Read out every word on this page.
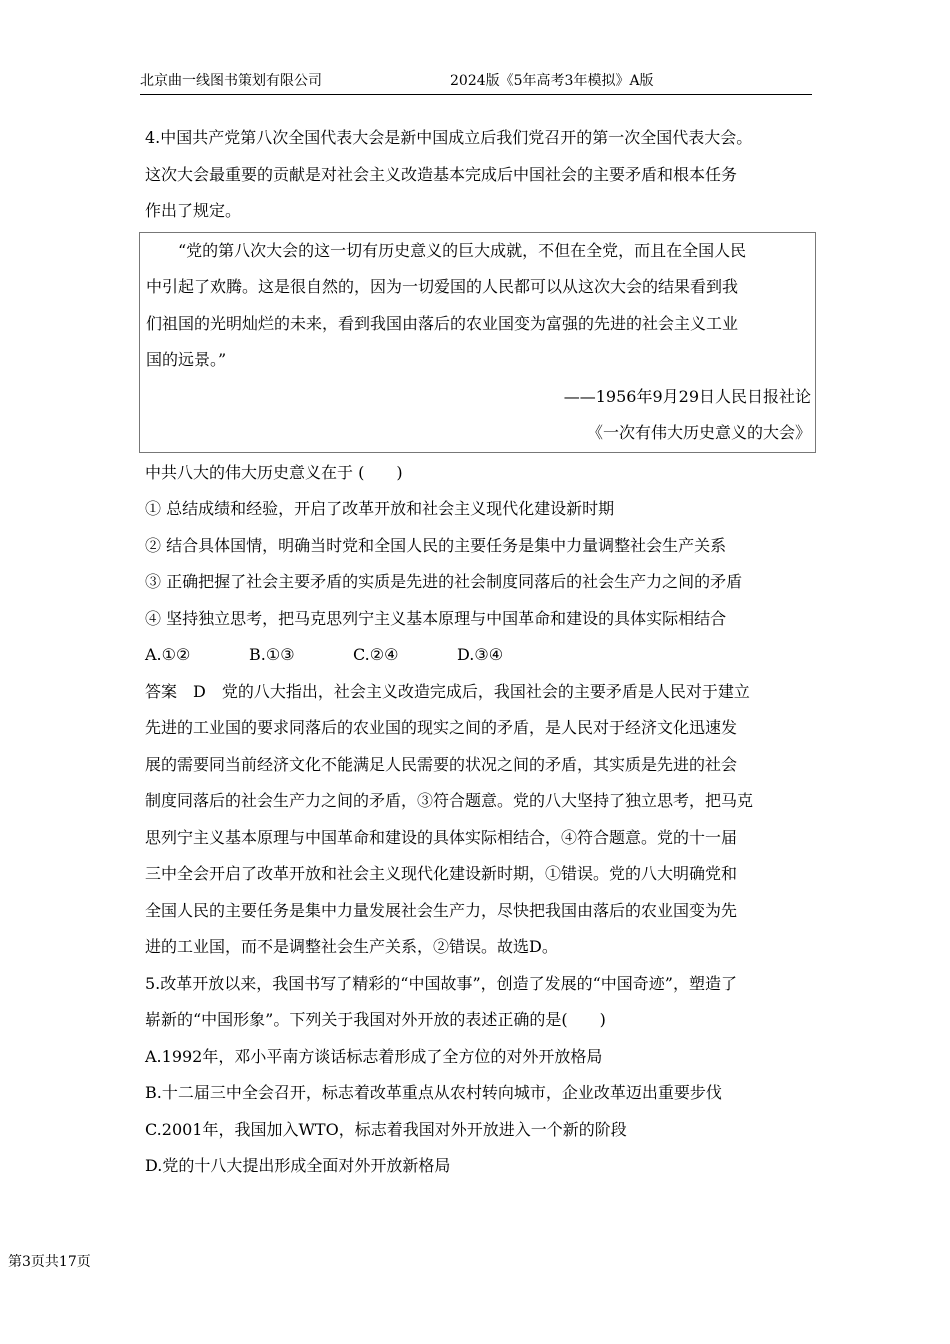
北京曲一线图书策划有限公司	2024版《5年高考3年模拟》A版

4.中国共产党第八次全国代表大会是新中国成立后我们党召开的第一次全国代表大会。

这次大会最重要的贡献是对社会主义改造基本完成后中国社会的主要矛盾和根本任务

作出了规定。

“党的第八次大会的这一切有历史意义的巨大成就，不但在全党，而且在全国人民

中引起了欢腾。这是很自然的，因为一切爱国的人民都可以从这次大会的结果看到我

们祖国的光明灿烂的未来，看到我国由落后的农业国变为富强的先进的社会主义工业

国的远景。”

——1956年9月29日人民日报社论

《一次有伟大历史意义的大会》

中共八大的伟大历史意义在于 (　　)

① 总结成绩和经验，开启了改革开放和社会主义现代化建设新时期

② 结合具体国情，明确当时党和全国人民的主要任务是集中力量调整社会生产关系

③ 正确把握了社会主要矛盾的实质是先进的社会制度同落后的社会生产力之间的矛盾

④ 坚持独立思考，把马克思列宁主义基本原理与中国革命和建设的具体实际相结合

A.①②	B.①③	C.②④	D.③④

答案　D　党的八大指出，社会主义改造完成后，我国社会的主要矛盾是人民对于建立

先进的工业国的要求同落后的农业国的现实之间的矛盾，是人民对于经济文化迅速发

展的需要同当前经济文化不能满足人民需要的状况之间的矛盾，其实质是先进的社会

制度同落后的社会生产力之间的矛盾，③符合题意。党的八大坚持了独立思考，把马克

思列宁主义基本原理与中国革命和建设的具体实际相结合，④符合题意。党的十一届

三中全会开启了改革开放和社会主义现代化建设新时期，①错误。党的八大明确党和

全国人民的主要任务是集中力量发展社会生产力，尽快把我国由落后的农业国变为先

进的工业国，而不是调整社会生产关系，②错误。故选D。

5.改革开放以来，我国书写了精彩的“中国故事”，创造了发展的“中国奇迹”，塑造了

崭新的“中国形象”。下列关于我国对外开放的表述正确的是(　　)

A.1992年，邓小平南方谈话标志着形成了全方位的对外开放格局

B.十二届三中全会召开，标志着改革重点从农村转向城市，企业改革迈出重要步伐

C.2001年，我国加入WTO，标志着我国对外开放进入一个新的阶段

D.党的十八大提出形成全面对外开放新格局

第3页共17页
